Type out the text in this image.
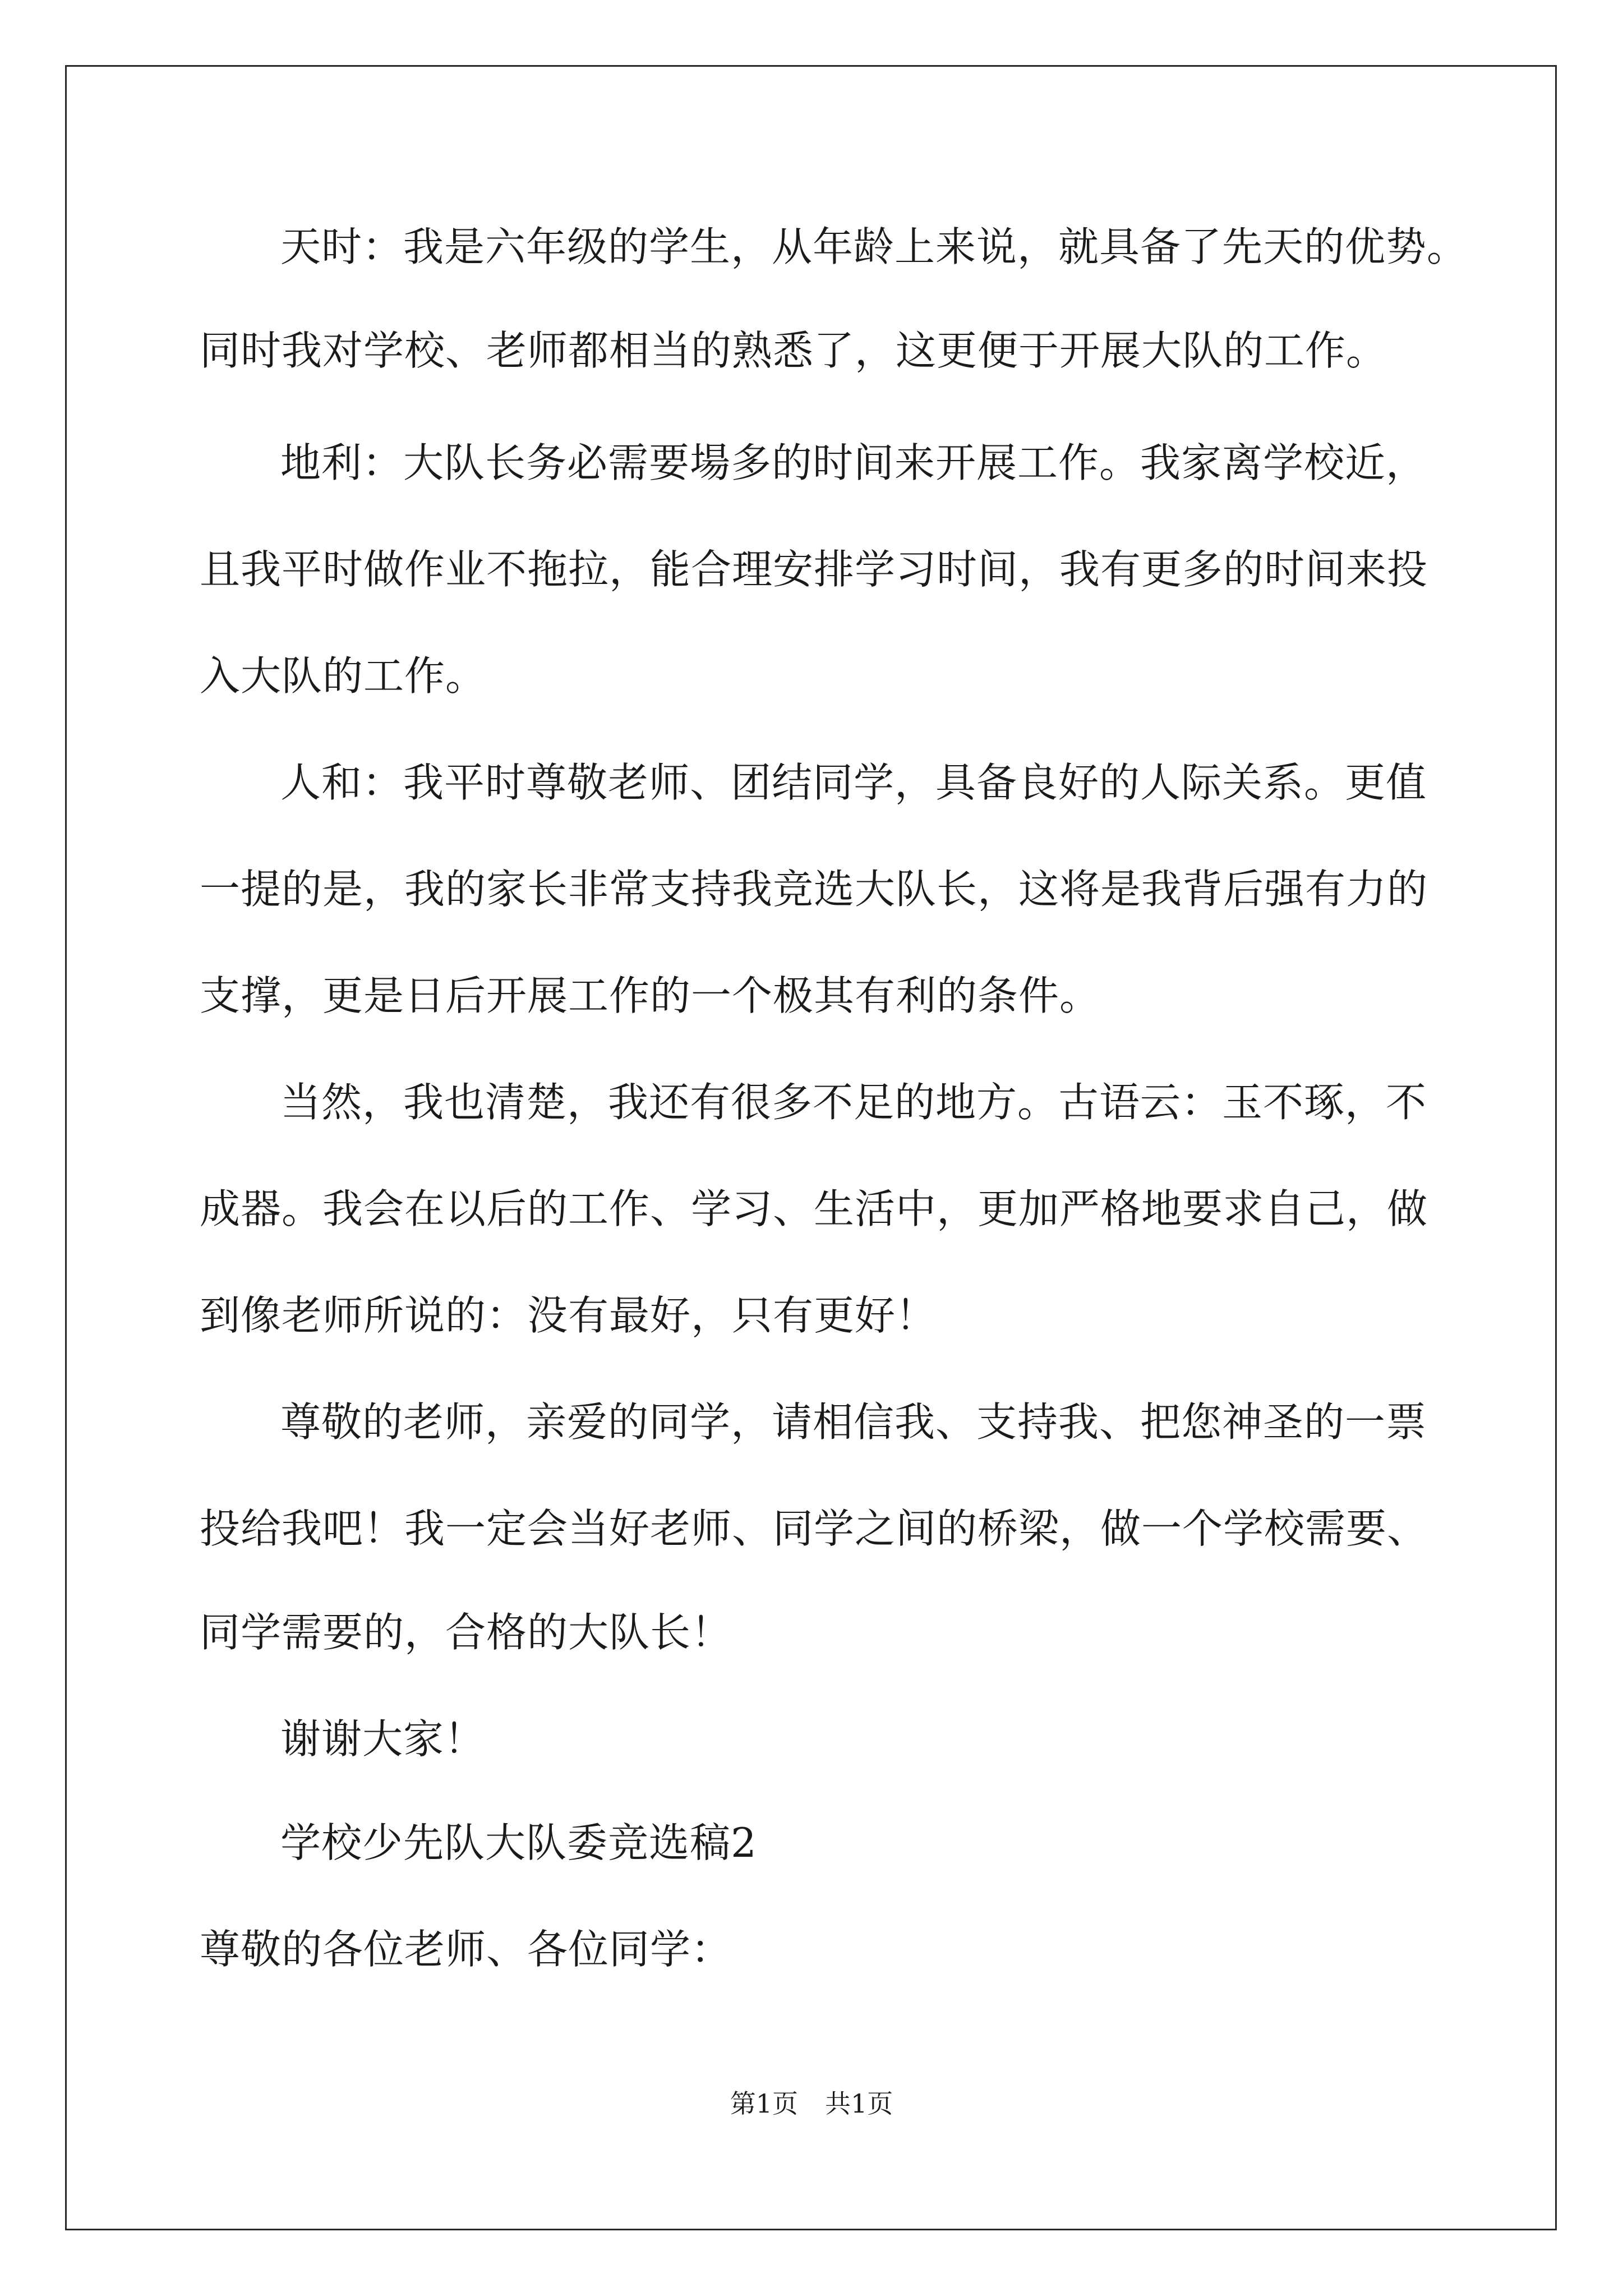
天时：我是六年级的学生，从年龄上来说，就具备了先天的优势。
同时我对学校、老师都相当的熟悉了，这更便于开展大队的工作。
地利：大队长务必需要場多的时间来开展工作。我家离学校近，
且我平时做作业不拖拉，能合理安排学习时间，我有更多的时间来投
入大队的工作。
人和：我平时尊敬老师、团结同学，具备良好的人际关系。更值
一提的是，我的家长非常支持我竞选大队长，这将是我背后强有力的
支撑，更是日后开展工作的一个极其有利的条件。
当然，我也清楚，我还有很多不足的地方。古语云：玉不琢，不
成器。我会在以后的工作、学习、生活中，更加严格地要求自己，做
到像老师所说的：没有最好，只有更好！
尊敬的老师，亲爱的同学，请相信我、支持我、把您神圣的一票
投给我吧！我一定会当好老师、同学之间的桥梁，做一个学校需要、
同学需要的，合格的大队长！
谢谢大家！
学校少先队大队委竞选稿2
尊敬的各位老师、各位同学：
第1页 共1页
